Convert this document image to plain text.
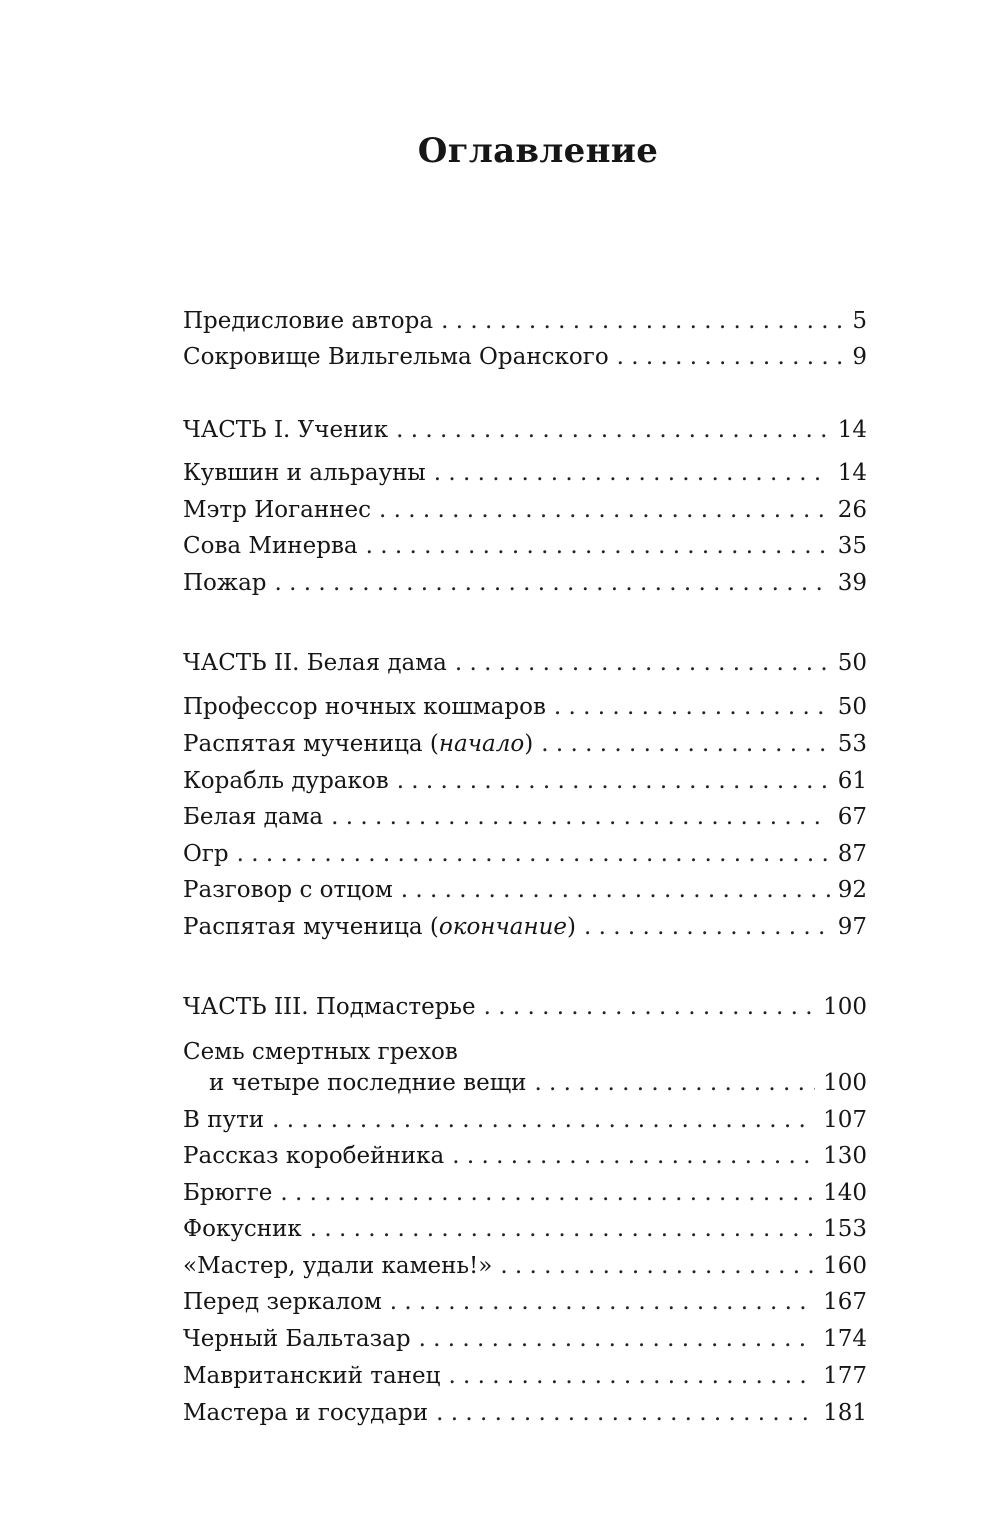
Оглавление
Предисловие автора . . .	5
Сокровище Вильгельма Оранского . . .	9
ЧАСТЬ I. Ученик . . .	14
Кувшин и альрауны . . .	14
Мэтр Иоганнес . . .	26
Сова Минерва . . .	35
Пожар . . .	39
ЧАСТЬ II. Белая дама . . .	50
Профессор ночных кошмаров . . .	50
Распятая мученица (начало) . . .	53
Корабль дураков . . .	61
Белая дама . . .	67
Огр . . .	87
Разговор с отцом . . .	92
Распятая мученица (окончание) . . .	97
ЧАСТЬ III. Подмастерье . . .	100
Семь смертных грехов
и четыре последние вещи . . .	100
В пути . . .	107
Рассказ коробейника . . .	130
Брюгге . . .	140
Фокусник . . .	153
«Мастер, удали камень!» . . .	160
Перед зеркалом . . .	167
Черный Бальтазар . . .	174
Мавританский танец . . .	177
Мастера и государи . . .	181
